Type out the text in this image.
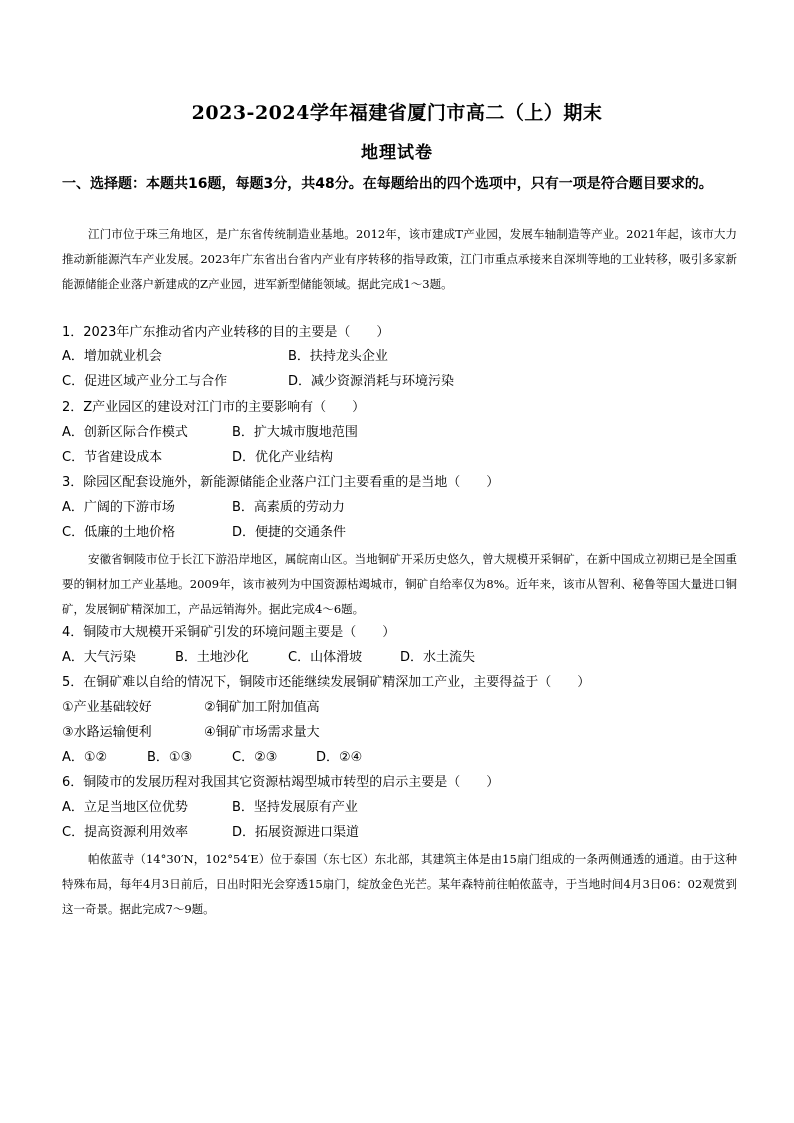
2023-2024学年福建省厦门市高二（上）期末
地理试卷
一、选择题：本题共16题，每题3分，共48分。在每题给出的四个选项中，只有一项是符合题目要求的。
江门市位于珠三角地区，是广东省传统制造业基地。2012年，该市建成T产业园，发展车轴制造等产业。2021年起，该市大力推动新能源汽车产业发展。2023年广东省出台省内产业有序转移的指导政策，江门市重点承接来自深圳等地的工业转移，吸引多家新能源储能企业落户新建成的Z产业园，进军新型储能领域。据此完成1～3题。
1．2023年广东推动省内产业转移的目的主要是（　　）
A．增加就业机会	B．扶持龙头企业
C．促进区域产业分工与合作	D．减少资源消耗与环境污染
2．Z产业园区的建设对江门市的主要影响有（　　）
A．创新区际合作模式	B．扩大城市腹地范围
C．节省建设成本	D．优化产业结构
3．除园区配套设施外，新能源储能企业落户江门主要看重的是当地（　　）
A．广阔的下游市场	B．高素质的劳动力
C．低廉的土地价格	D．便捷的交通条件
安徽省铜陵市位于长江下游沿岸地区，属皖南山区。当地铜矿开采历史悠久，曾大规模开采铜矿，在新中国成立初期已是全国重要的铜材加工产业基地。2009年，该市被列为中国资源枯竭城市，铜矿自给率仅为8%。近年来，该市从智利、秘鲁等国大量进口铜矿，发展铜矿精深加工，产品远销海外。据此完成4～6题。
4．铜陵市大规模开采铜矿引发的环境问题主要是（　　）
A．大气污染	B．土地沙化	C．山体滑坡	D．水土流失
5．在铜矿难以自给的情况下，铜陵市还能继续发展铜矿精深加工产业，主要得益于（　　）
①产业基础较好	②铜矿加工附加值高
③水路运输便利	④铜矿市场需求量大
A．①②	B．①③	C．②③	D．②④
6．铜陵市的发展历程对我国其它资源枯竭型城市转型的启示主要是（　　）
A．立足当地区位优势	B．坚持发展原有产业
C．提高资源利用效率	D．拓展资源进口渠道
帕侬蓝寺（14°30′N，102°54′E）位于泰国（东七区）东北部，其建筑主体是由15扇门组成的一条两侧通透的通道。由于这种特殊布局，每年4月3日前后，日出时阳光会穿透15扇门，绽放金色光芒。某年森特前往帕侬蓝寺，于当地时间4月3日06：02观赏到这一奇景。据此完成7～9题。
